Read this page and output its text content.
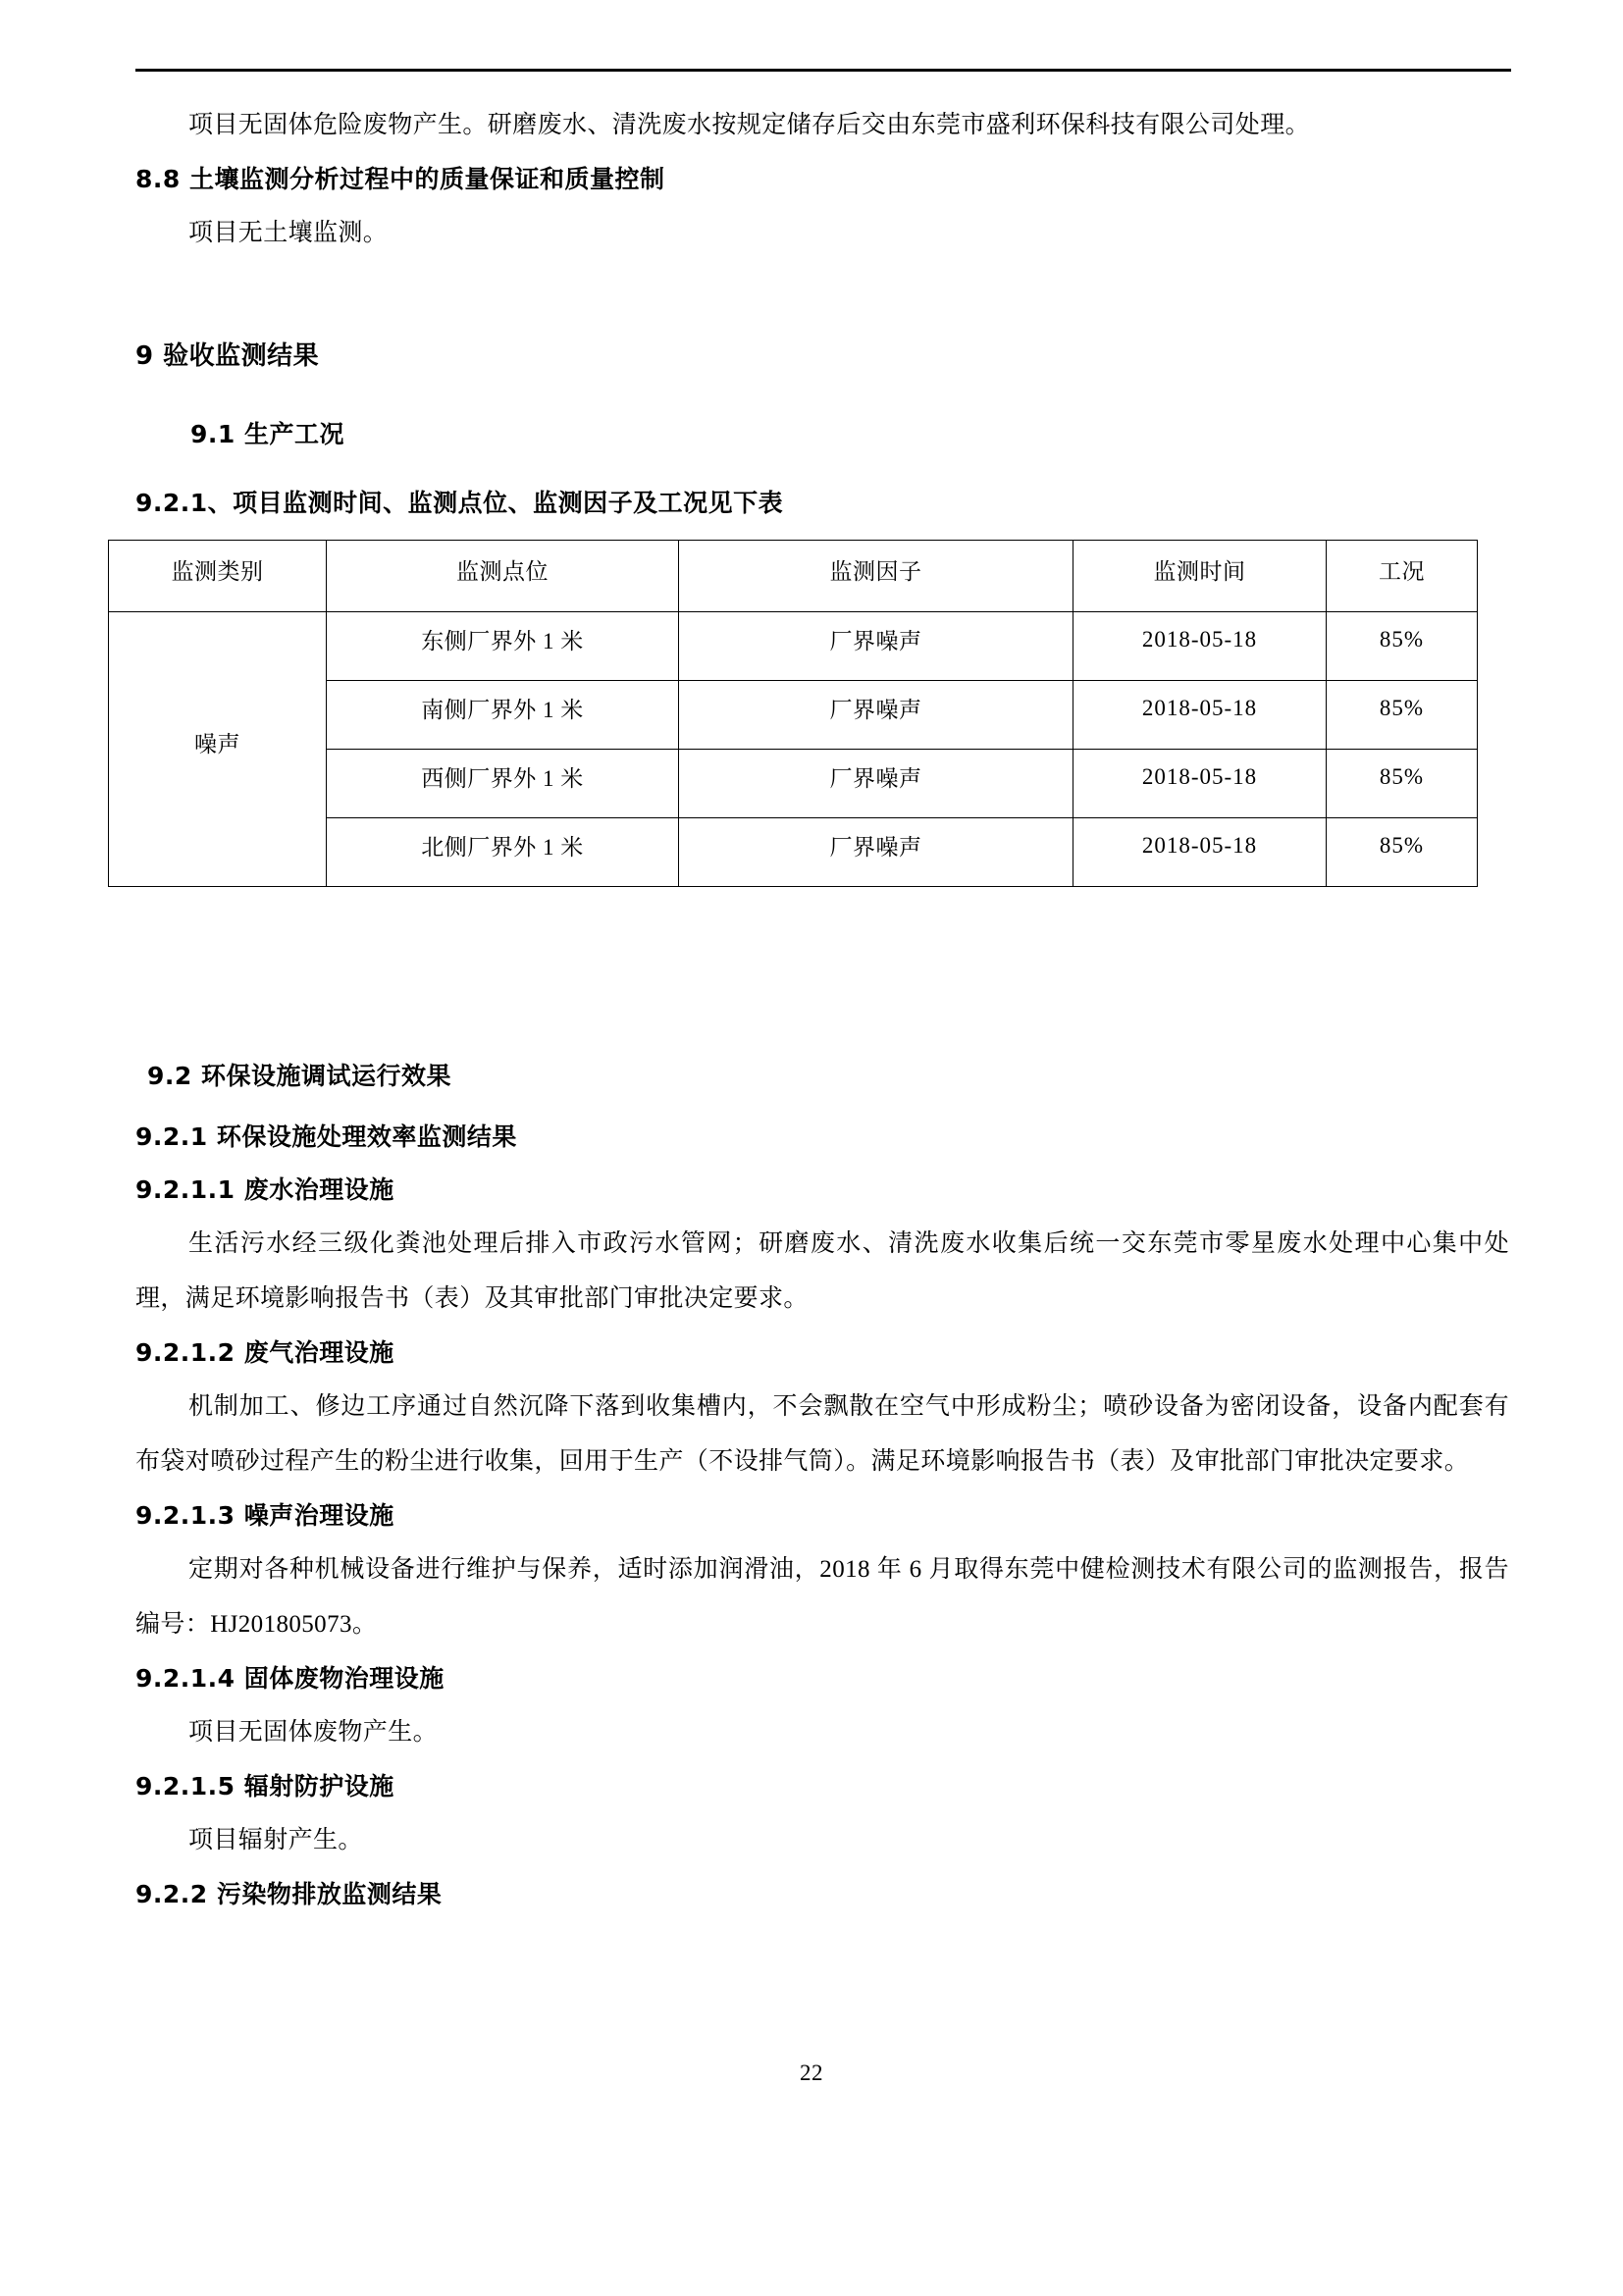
项目无固体危险废物产生。研磨废水、清洗废水按规定储存后交由东莞市盛利环保科技有限公司处理。

8.8 土壤监测分析过程中的质量保证和质量控制

项目无土壤监测。

9 验收监测结果
9.1 生产工况
9.2.1、项目监测时间、监测点位、监测因子及工况见下表
监测类别	监测点位	监测因子	监测时间	工况

噪声	东侧厂界外 1 米	厂界噪声	2018-05-18	85%

	南侧厂界外 1 米	厂界噪声	2018-05-18	85%

	西侧厂界外 1 米	厂界噪声	2018-05-18	85%

	北侧厂界外 1 米	厂界噪声	2018-05-18	85%
9.2 环保设施调试运行效果
9.2.1 环保设施处理效率监测结果
9.2.1.1 废水治理设施

生活污水经三级化粪池处理后排入市政污水管网；研磨废水、清洗废水收集后统一交东莞市零星废水处理中心集中处理，满足环境影响报告书（表）及其审批部门审批决定要求。

9.2.1.2 废气治理设施

机制加工、修边工序通过自然沉降下落到收集槽内，不会飘散在空气中形成粉尘；喷砂设备为密闭设备，设备内配套有布袋对喷砂过程产生的粉尘进行收集，回用于生产（不设排气筒）。满足环境影响报告书（表）及审批部门审批决定要求。

9.2.1.3 噪声治理设施

定期对各种机械设备进行维护与保养，适时添加润滑油，2018 年 6 月取得东莞中健检测技术有限公司的监测报告，报告编号：HJ201805073。

9.2.1.4 固体废物治理设施

项目无固体废物产生。

9.2.1.5 辐射防护设施

项目辐射产生。

9.2.2 污染物排放监测结果
22
